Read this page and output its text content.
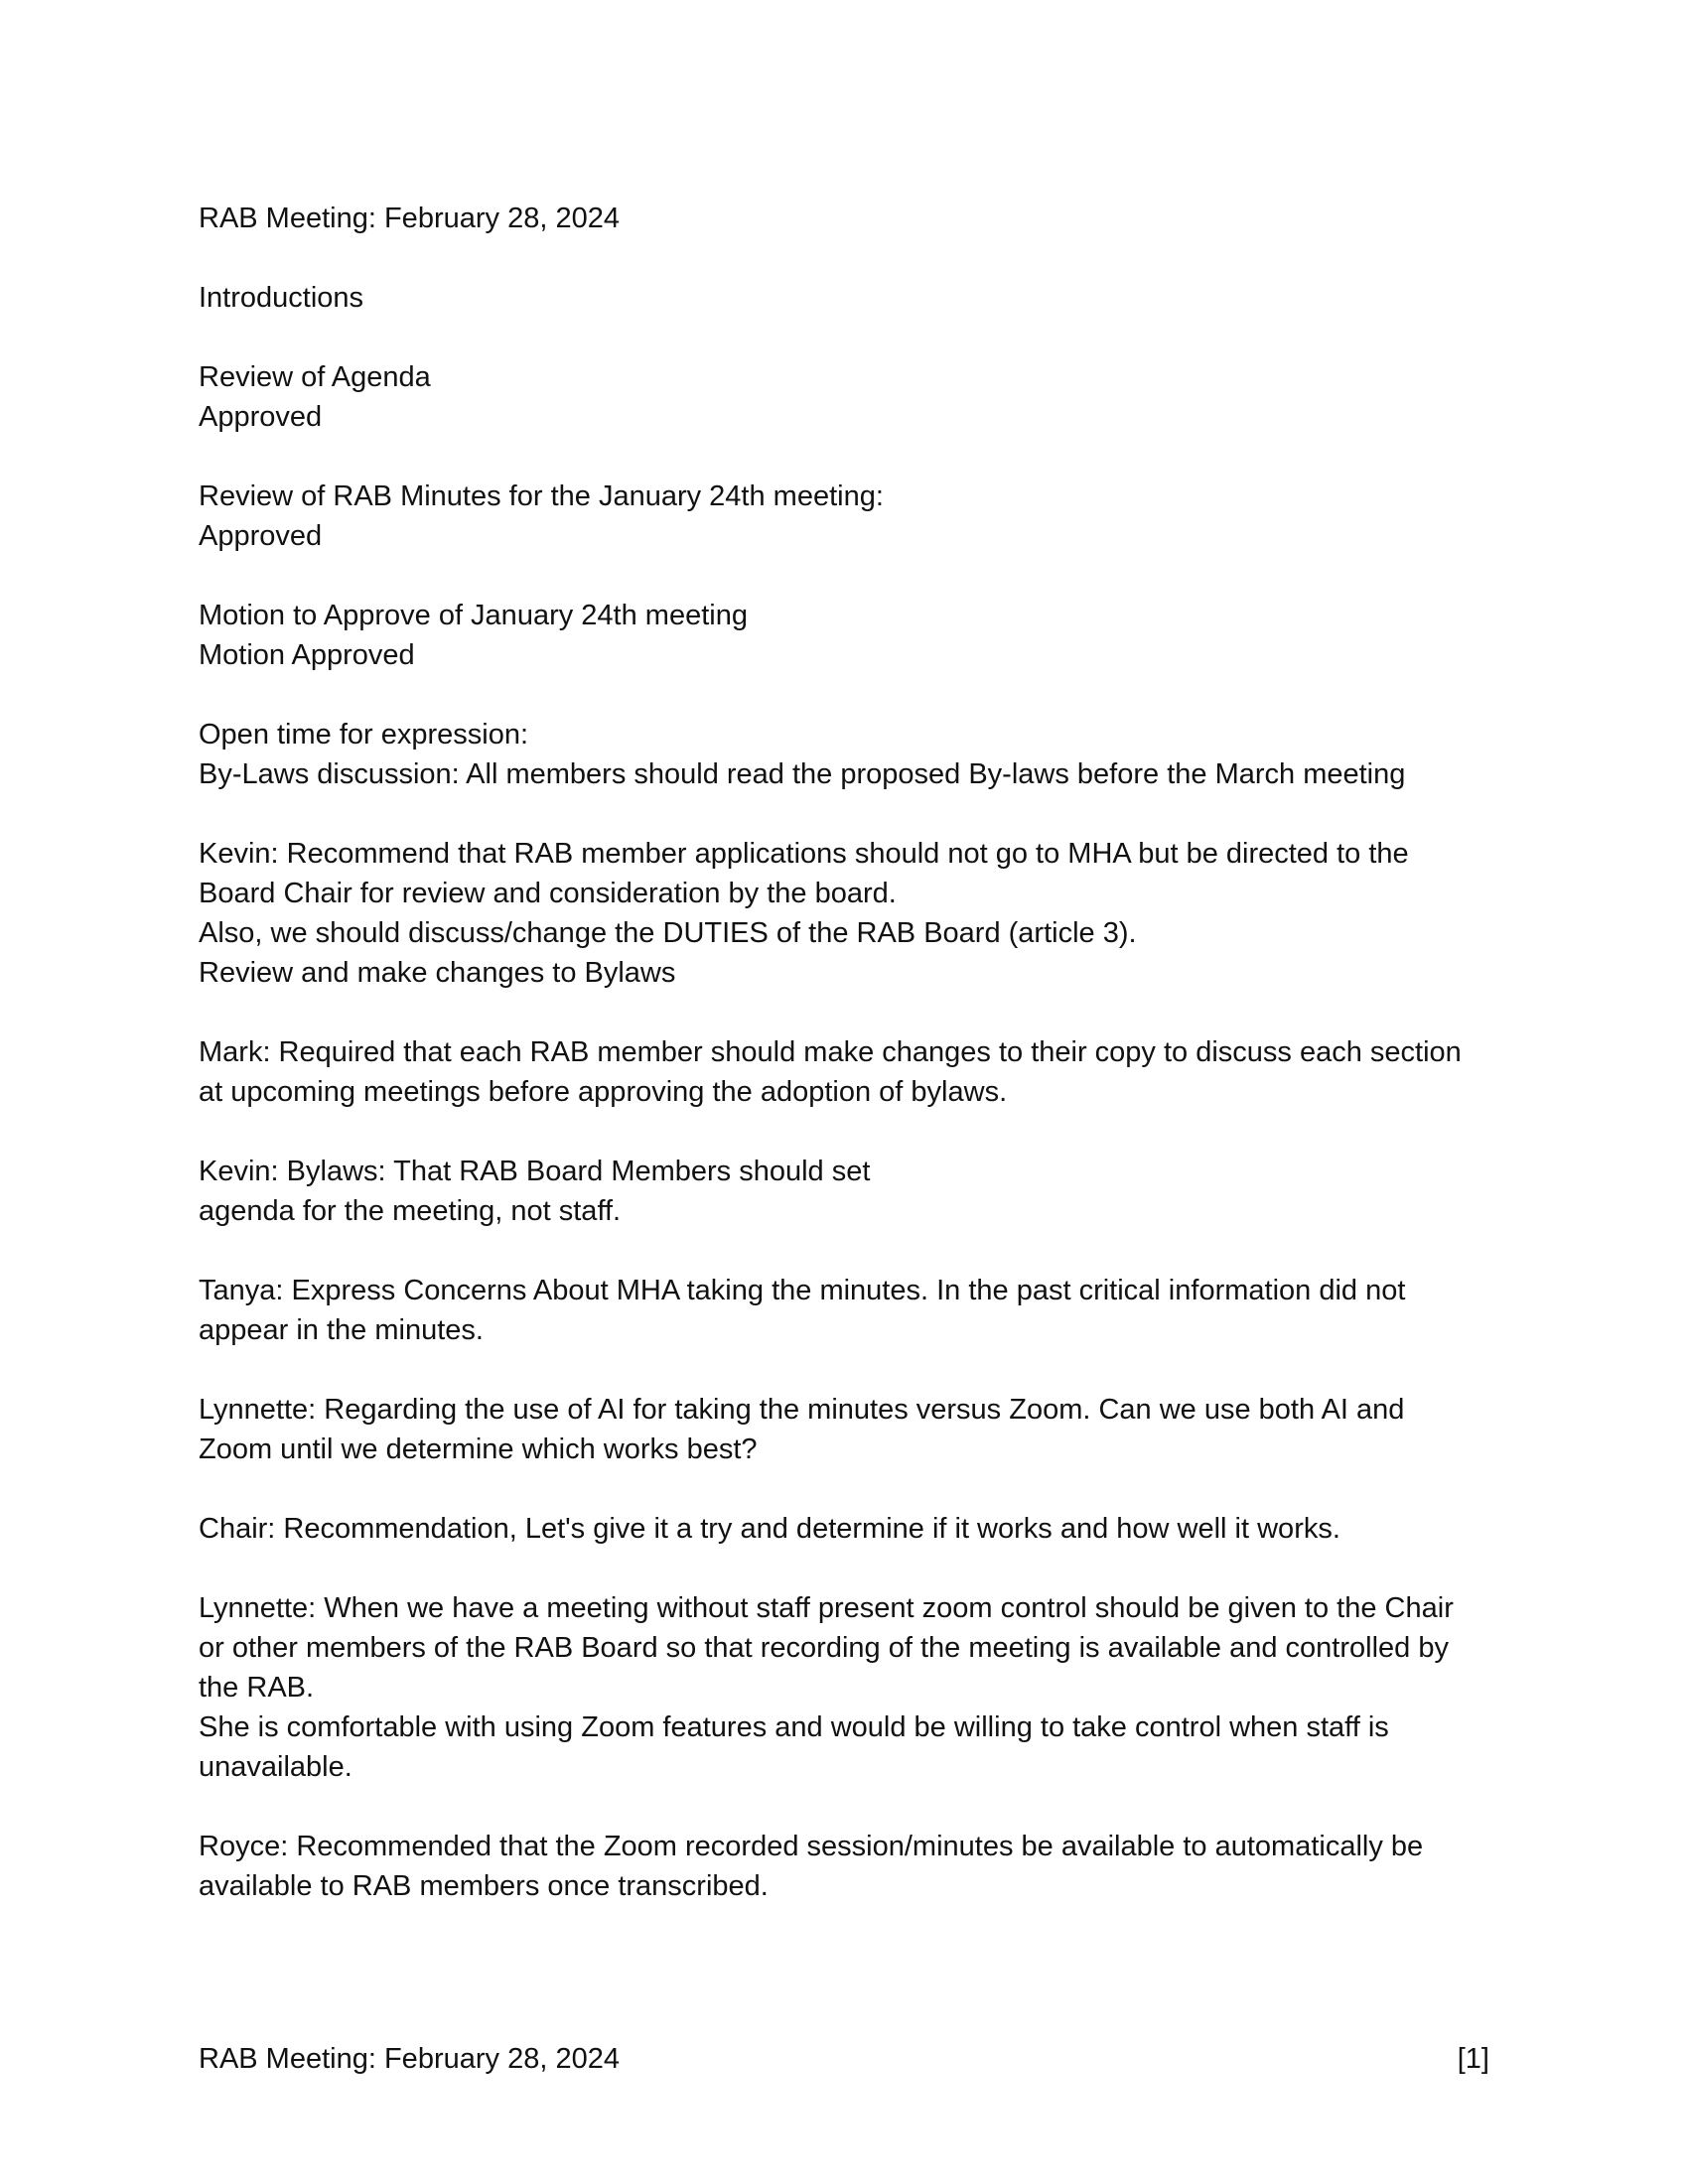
RAB Meeting: February 28, 2024
Introductions
Review of Agenda
Approved
Review of RAB Minutes for the January 24th meeting:
Approved
Motion to Approve of January 24th meeting
Motion Approved
Open time for expression:
By-Laws discussion: All members should read the proposed By-laws before the March meeting
Kevin: Recommend that RAB member applications should not go to MHA but be directed to the
Board Chair for review and consideration by the board.
Also, we should discuss/change the DUTIES of the RAB Board (article 3).
Review and make changes to Bylaws
Mark: Required that each RAB member should make changes to their copy to discuss each section
at upcoming meetings before approving the adoption of bylaws.
Kevin: Bylaws: That RAB Board Members should set
agenda for the meeting, not staff.
Tanya: Express Concerns About MHA taking the minutes. In the past critical information did not
appear in the minutes.
Lynnette: Regarding the use of AI for taking the minutes versus Zoom. Can we use both AI and
Zoom until we determine which works best?
Chair: Recommendation, Let's give it a try and determine if it works and how well it works.
Lynnette: When we have a meeting without staff present zoom control should be given to the Chair
or other members of the RAB Board so that recording of the meeting is available and controlled by
the RAB.
She is comfortable with using Zoom features and would be willing to take control when staff is
unavailable.
Royce: Recommended that the Zoom recorded session/minutes be available to automatically be
available to RAB members once transcribed.
RAB Meeting: February 28, 2024	[1]
